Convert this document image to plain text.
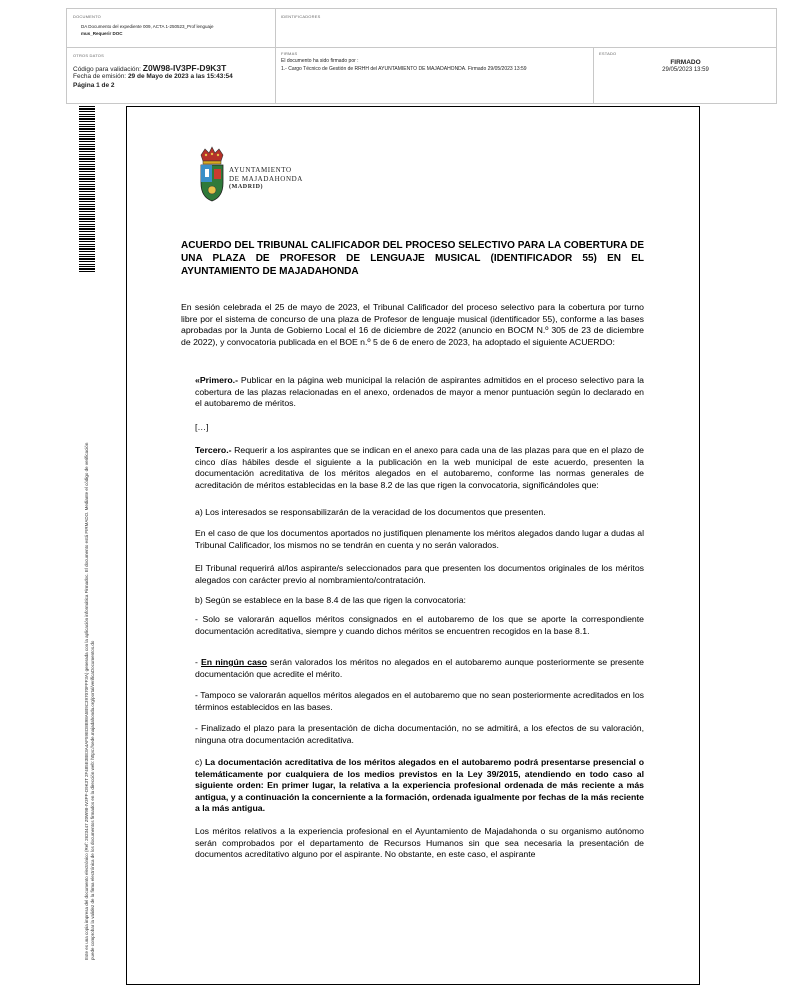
DOCUMENTO
DA Documento del expediente 009, ACTA 1-250523_Prof lenguaje
mus_Requerir DOC
IDENTIFICADORES
OTROS DATOS
Código para validación: Z0W98-IV3PF-D9K3T
Fecha de emisión: 29 de Mayo de 2023 a las 15:43:54
Página 1 de 2
FIRMAS
El documento ha sido firmado por :
1.- Cargo Técnico de Gestión de RRHH del AYUNTAMIENTO DE MAJADAHONDA. Firmado 29/05/2023 13:59
ESTADO
FIRMADO
29/05/2023 13:59
Este es una copia impresa del documento electrónico (Ref: 2623447 Z0W98-IV3PF-D9K3T 2F485E3BE3A4AF59ED8B98A5B9C397070FFF3A) generada con la aplicación informática Firmadoc. El documento está FIRMADO. Mediante el código de verificación puede comprobar la validez de la firma electrónica de los documentos firmados en la dirección web: https://sede.majadahonda.org/portal/verificaDocumentos.do
AYUNTAMIENTO
DE MAJADAHONDA
(MADRID)
ACUERDO DEL TRIBUNAL CALIFICADOR DEL PROCESO SELECTIVO PARA LA COBERTURA DE UNA PLAZA DE PROFESOR DE LENGUAJE MUSICAL (IDENTIFICADOR 55) EN EL AYUNTAMIENTO DE MAJADAHONDA

En sesión celebrada el 25 de mayo de 2023, el Tribunal Calificador del proceso selectivo para la cobertura por turno libre por el sistema de concurso de una plaza de Profesor de lenguaje musical (identificador 55), conforme a las bases aprobadas por la Junta de Gobierno Local el 16 de diciembre de 2022 (anuncio en BOCM N.º 305 de 23 de diciembre de 2022), y convocatoria publicada en el BOE n.º 5 de 6 de enero de 2023, ha adoptado el siguiente ACUERDO:

«Primero.- Publicar en la página web municipal la relación de aspirantes admitidos en el proceso selectivo para la cobertura de las plazas relacionadas en el anexo, ordenados de mayor a menor puntuación según lo declarado en el autobaremo de méritos.

[…]

Tercero.- Requerir a los aspirantes que se indican en el anexo para cada una de las plazas para que en el plazo de cinco días hábiles desde el siguiente a la publicación en la web municipal de este acuerdo, presenten la documentación acreditativa de los méritos alegados en el autobaremo, conforme las normas generales de acreditación de méritos establecidas en la base 8.2 de las que rigen la convocatoria, significándoles que:

a) Los interesados se responsabilizarán de la veracidad de los documentos que presenten.

En el caso de que los documentos aportados no justifiquen plenamente los méritos alegados dando lugar a dudas al Tribunal Calificador, los mismos no se tendrán en cuenta y no serán valorados.

El Tribunal requerirá al/los aspirante/s seleccionados para que presenten los documentos originales de los méritos alegados con carácter previo al nombramiento/contratación.

b) Según se establece en la base 8.4 de las que rigen la convocatoria:

- Solo se valorarán aquellos méritos consignados en el autobaremo de los que se aporte la correspondiente documentación acreditativa, siempre y cuando dichos méritos se encuentren recogidos en la base 8.1.

- En ningún caso serán valorados los méritos no alegados en el autobaremo aunque posteriormente se presente documentación que acredite el mérito.

- Tampoco se valorarán aquellos méritos alegados en el autobaremo que no sean posteriormente acreditados en los términos establecidos en las bases.

- Finalizado el plazo para la presentación de dicha documentación, no se admitirá, a los efectos de su valoración, ninguna otra documentación acreditativa.

c) La documentación acreditativa de los méritos alegados en el autobaremo podrá presentarse presencial o telemáticamente por cualquiera de los medios previstos en la Ley 39/2015, atendiendo en todo caso al siguiente orden: En primer lugar, la relativa a la experiencia profesional ordenada de más reciente a más antigua, y a continuación la concerniente a la formación, ordenada igualmente por fechas de la más reciente a la más antigua.

Los méritos relativos a la experiencia profesional en el Ayuntamiento de Majadahonda o su organismo autónomo serán comprobados por el departamento de Recursos Humanos sin que sea necesaria la presentación de documentos acreditativo alguno por el aspirante. No obstante, en este caso, el aspirante
